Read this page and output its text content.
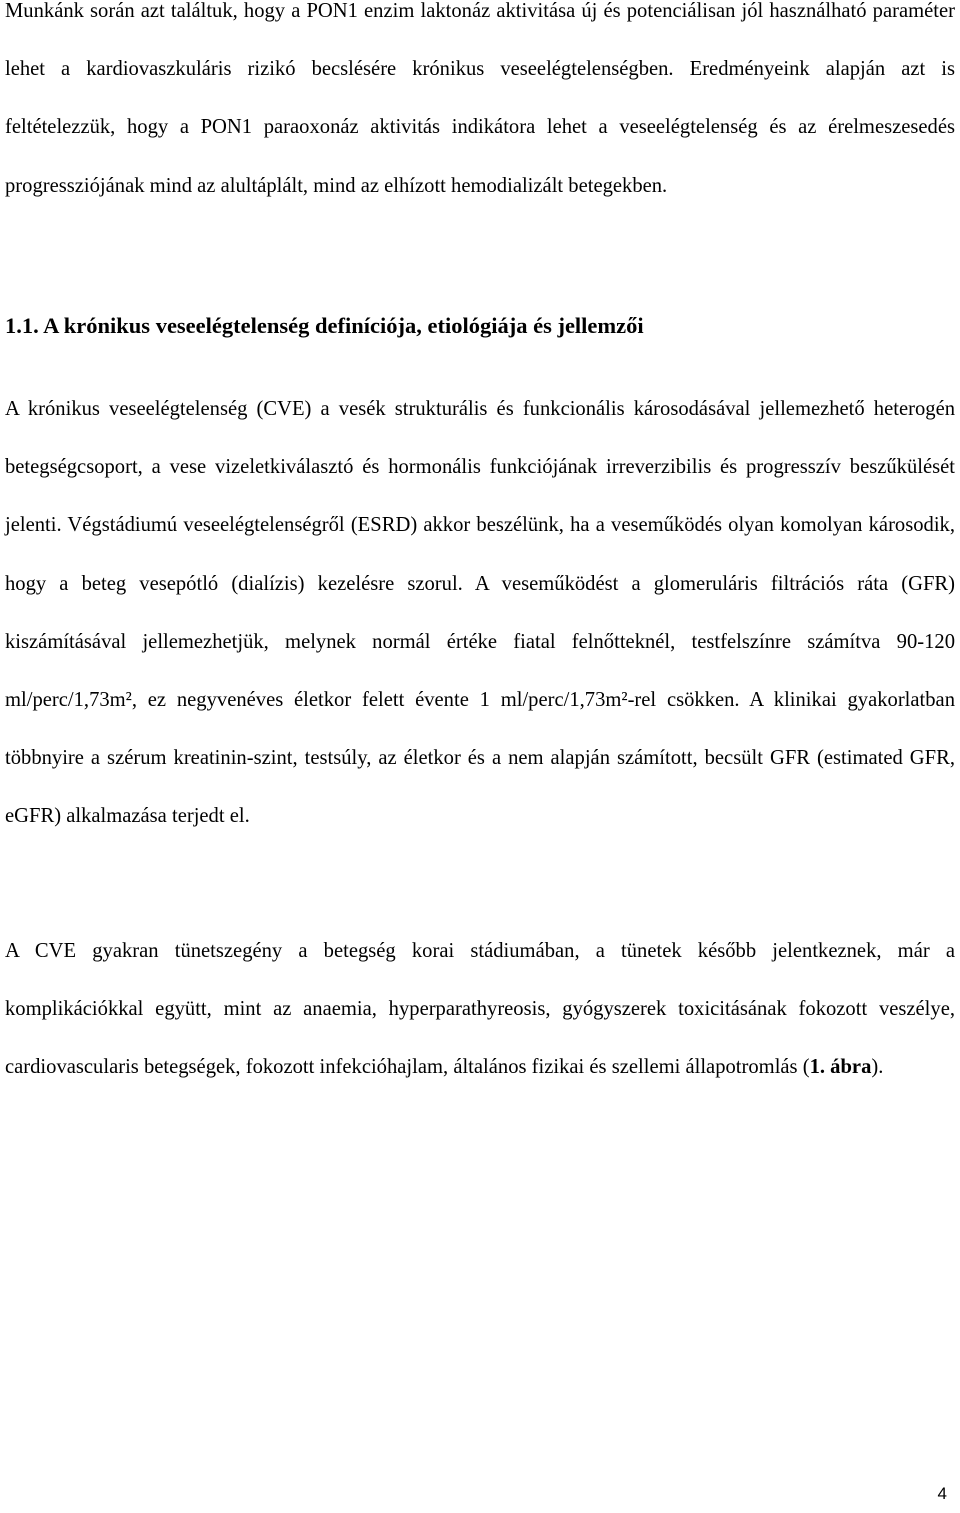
Munkánk során azt találtuk, hogy a PON1 enzim laktonáz aktivitása új és potenciálisan jól használható paraméter lehet a kardiovaszkuláris rizikó becslésére krónikus veseelégtelenségben. Eredményeink alapján azt is feltételezzük, hogy a PON1 paraoxonáz aktivitás indikátora lehet a veseelégtelenség és az érelmeszesedés progressziójának mind az alultáplált, mind az elhízott hemodializált betegekben.

1.1. A krónikus veseelégtelenség definíciója, etiológiája és jellemzői

A krónikus veseelégtelenség (CVE) a vesék strukturális és funkcionális károsodásával jellemezhető heterogén betegségcsoport, a vese vizeletkiválasztó és hormonális funkciójának irreverzibilis és progresszív beszűkülését jelenti. Végstádiumú veseelégtelenségről (ESRD) akkor beszélünk, ha a veseműködés olyan komolyan károsodik, hogy a beteg vesepótló (dialízis) kezelésre szorul. A veseműködést a glomeruláris filtrációs ráta (GFR) kiszámításával jellemezhetjük, melynek normál értéke fiatal felnőtteknél, testfelszínre számítva 90-120 ml/perc/1,73m², ez negyvenéves életkor felett évente 1 ml/perc/1,73m²-rel csökken. A klinikai gyakorlatban többnyire a szérum kreatinin-szint, testsúly, az életkor és a nem alapján számított, becsült GFR (estimated GFR, eGFR) alkalmazása terjedt el.

A CVE gyakran tünetszegény a betegség korai stádiumában, a tünetek később jelentkeznek, már a komplikációkkal együtt, mint az anaemia, hyperparathyreosis, gyógyszerek toxicitásának fokozott veszélye, cardiovascularis betegségek, fokozott infekcióhajlam, általános fizikai és szellemi állapotromlás (1. ábra).

4
